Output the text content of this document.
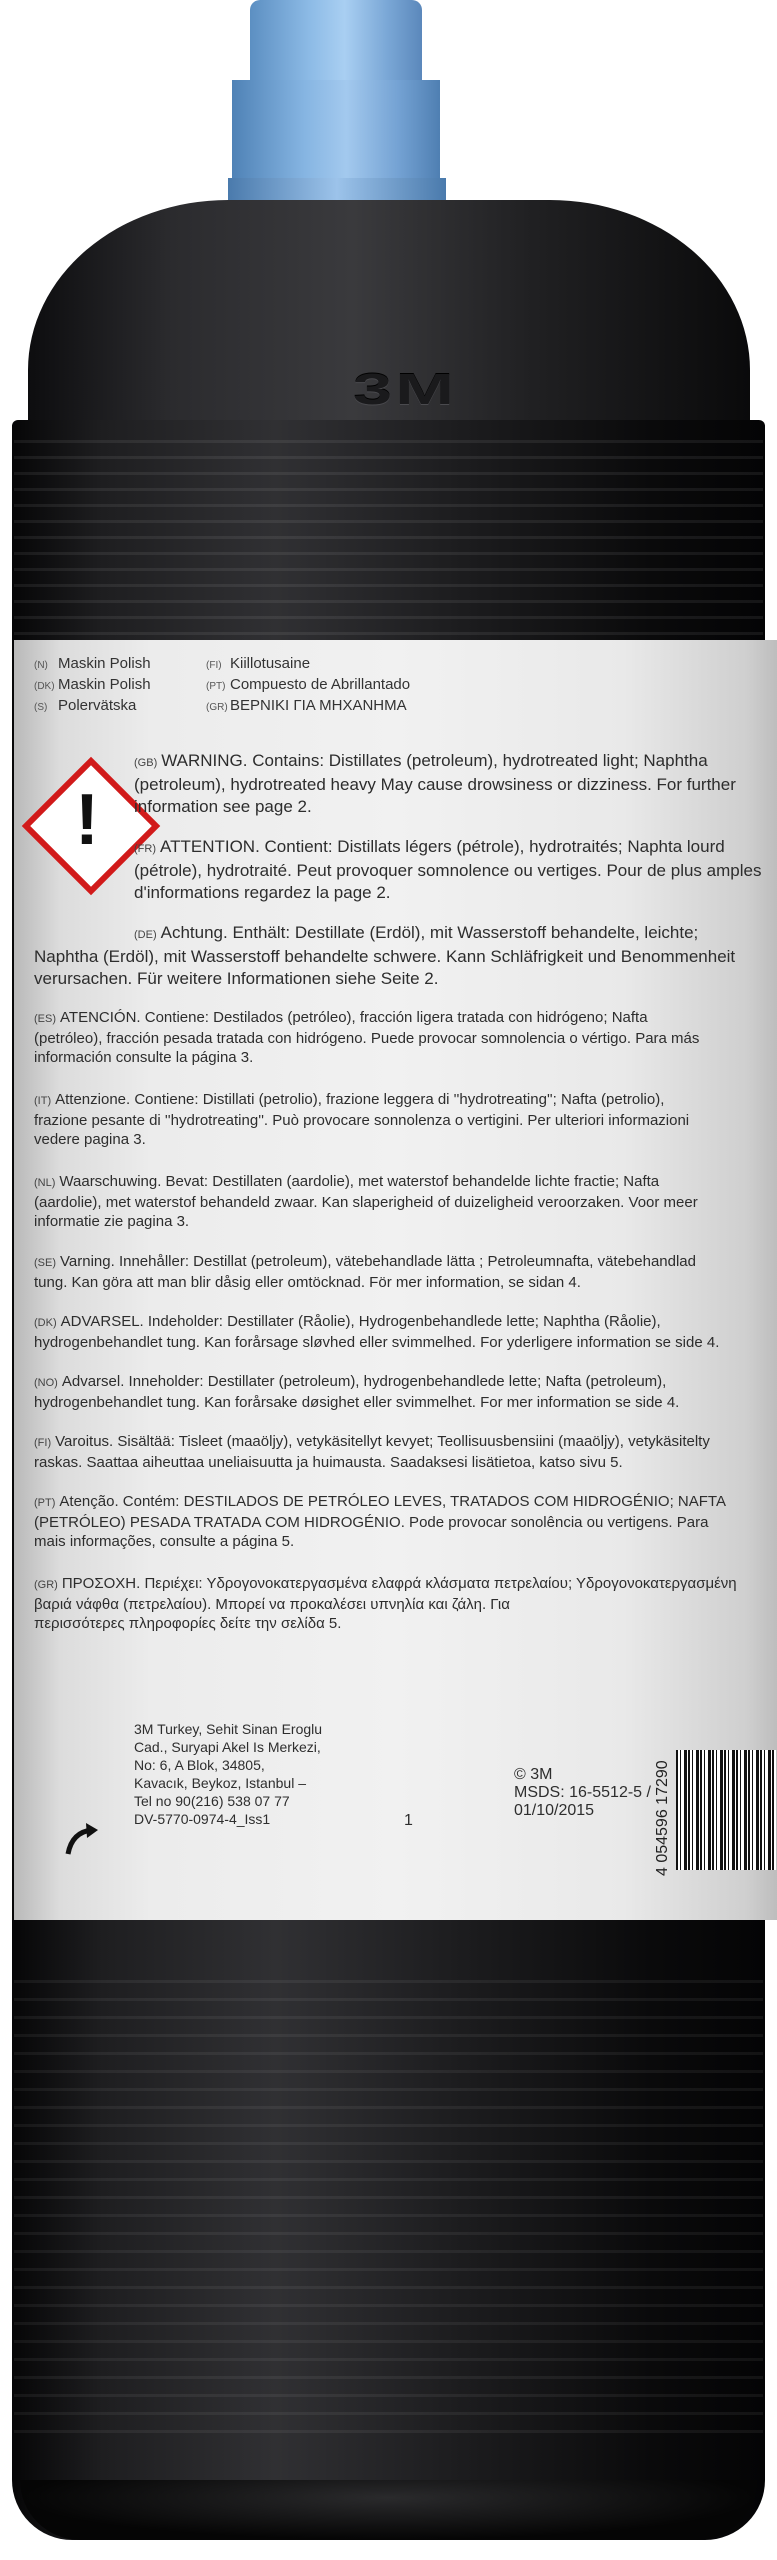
3M
(N) Maskin Polish
(DK) Maskin Polish
(S) Polervätska
(FI) Kiillotusaine
(PT) Compuesto de Abrillantado
(GR) ΒΕΡΝΙΚΙ ΓΙΑ ΜΗΧΑΝΗΜΑ
!
(GB) WARNING. Contains: Distillates (petroleum), hydrotreated light; Naphtha
(petroleum), hydrotreated heavy May cause drowsiness or dizziness. For further
information see page 2.
(FR) ATTENTION. Contient: Distillats légers (pétrole), hydrotraités; Naphta lourd
(pétrole), hydrotraité. Peut provoquer somnolence ou vertiges. Pour de plus amples
d'informations regardez la page 2.
(DE) Achtung. Enthält: Destillate (Erdöl), mit Wasserstoff behandelte, leichte;
Naphtha (Erdöl), mit Wasserstoff behandelte schwere. Kann Schläfrigkeit und Benommenheit
verursachen. Für weitere Informationen siehe Seite 2.
(ES) ATENCIÓN. Contiene: Destilados (petróleo), fracción ligera tratada con hidrógeno; Nafta
(petróleo), fracción pesada tratada con hidrógeno. Puede provocar somnolencia o vértigo. Para más
información consulte la página 3.
(IT) Attenzione. Contiene: Distillati (petrolio), frazione leggera di ''hydrotreating''; Nafta (petrolio),
frazione pesante di ''hydrotreating''. Può provocare sonnolenza o vertigini. Per ulteriori informazioni
vedere pagina 3.
(NL) Waarschuwing. Bevat: Destillaten (aardolie), met waterstof behandelde lichte fractie; Nafta
(aardolie), met waterstof behandeld zwaar. Kan slaperigheid of duizeligheid veroorzaken. Voor meer
informatie zie pagina 3.
(SE) Varning. Innehåller: Destillat (petroleum), vätebehandlade lätta ; Petroleumnafta, vätebehandlad
tung. Kan göra att man blir dåsig eller omtöcknad. För mer information, se sidan 4.
(DK) ADVARSEL. Indeholder: Destillater (Råolie), Hydrogenbehandlede lette; Naphtha (Råolie),
hydrogenbehandlet tung. Kan forårsage sløvhed eller svimmelhed. For yderligere information se side 4.
(NO) Advarsel. Inneholder: Destillater (petroleum), hydrogenbehandlede lette; Nafta (petroleum),
hydrogenbehandlet tung. Kan forårsake døsighet eller svimmelhet. For mer information se side 4.
(FI) Varoitus. Sisältää: Tisleet (maaöljy), vetykäsitellyt kevyet; Teollisuusbensiini (maaöljy), vetykäsitelty
raskas. Saattaa aiheuttaa uneliaisuutta ja huimausta. Saadaksesi lisätietoa, katso sivu 5.
(PT) Atenção. Contém: DESTILADOS DE PETRÓLEO LEVES, TRATADOS COM HIDROGÉNIO; NAFTA
(PETRÓLEO) PESADA TRATADA COM HIDROGÉNIO. Pode provocar sonolência ou vertigens. Para
mais informações, consulte a página 5.
(GR) ΠΡΟΣΟΧΗ. Περιέχει: Υδρογονοκατεργασμένα ελαφρά κλάσματα πετρελαίου; Υδρογονοκατεργασμένη
βαριά νάφθα (πετρελαίου). Μπορεί να προκαλέσει υπνηλία και ζάλη. Για
περισσότερες πληροφορίες δείτε την σελίδα 5.
3M Turkey, Sehit Sinan Eroglu
Cad., Suryapi Akel Is Merkezi,
No: 6, A Blok, 34805,
Kavacık, Beykoz, Istanbul –
Tel no 90(216) 538 07 77
DV-5770-0974-4_Iss1	1
© 3M
MSDS: 16-5512-5 /
01/10/2015	4 054596 17290
